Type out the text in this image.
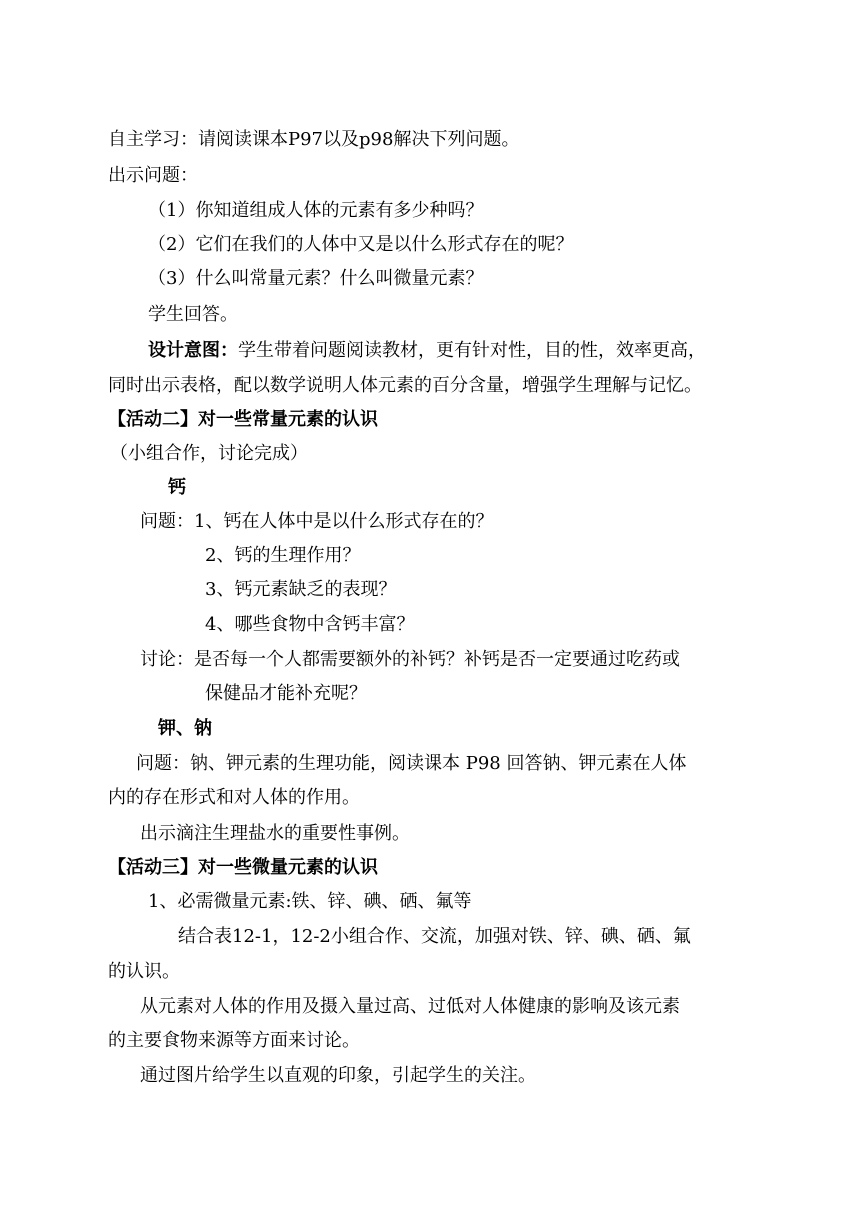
自主学习：请阅读课本P97以及p98解决下列问题。
出示问题：
（1）你知道组成人体的元素有多少种吗？
（2）它们在我们的人体中又是以什么形式存在的呢？
（3）什么叫常量元素？什么叫微量元素？
学生回答。
设计意图：学生带着问题阅读教材，更有针对性，目的性，效率更高，
同时出示表格，配以数学说明人体元素的百分含量，增强学生理解与记忆。
【活动二】对一些常量元素的认识
（小组合作，讨论完成）
钙
问题：1、钙在人体中是以什么形式存在的？
2、钙的生理作用？
3、钙元素缺乏的表现？
4、哪些食物中含钙丰富？
讨论：是否每一个人都需要额外的补钙？补钙是否一定要通过吃药或
保健品才能补充呢？
钾、钠
问题：钠、钾元素的生理功能，阅读课本 P98 回答钠、钾元素在人体
内的存在形式和对人体的作用。
出示滴注生理盐水的重要性事例。
【活动三】对一些微量元素的认识
1、必需微量元素:铁、锌、碘、硒、氟等
结合表12-1，12-2小组合作、交流，加强对铁、锌、碘、硒、氟
的认识。
从元素对人体的作用及摄入量过高、过低对人体健康的影响及该元素
的主要食物来源等方面来讨论。
通过图片给学生以直观的印象，引起学生的关注。
